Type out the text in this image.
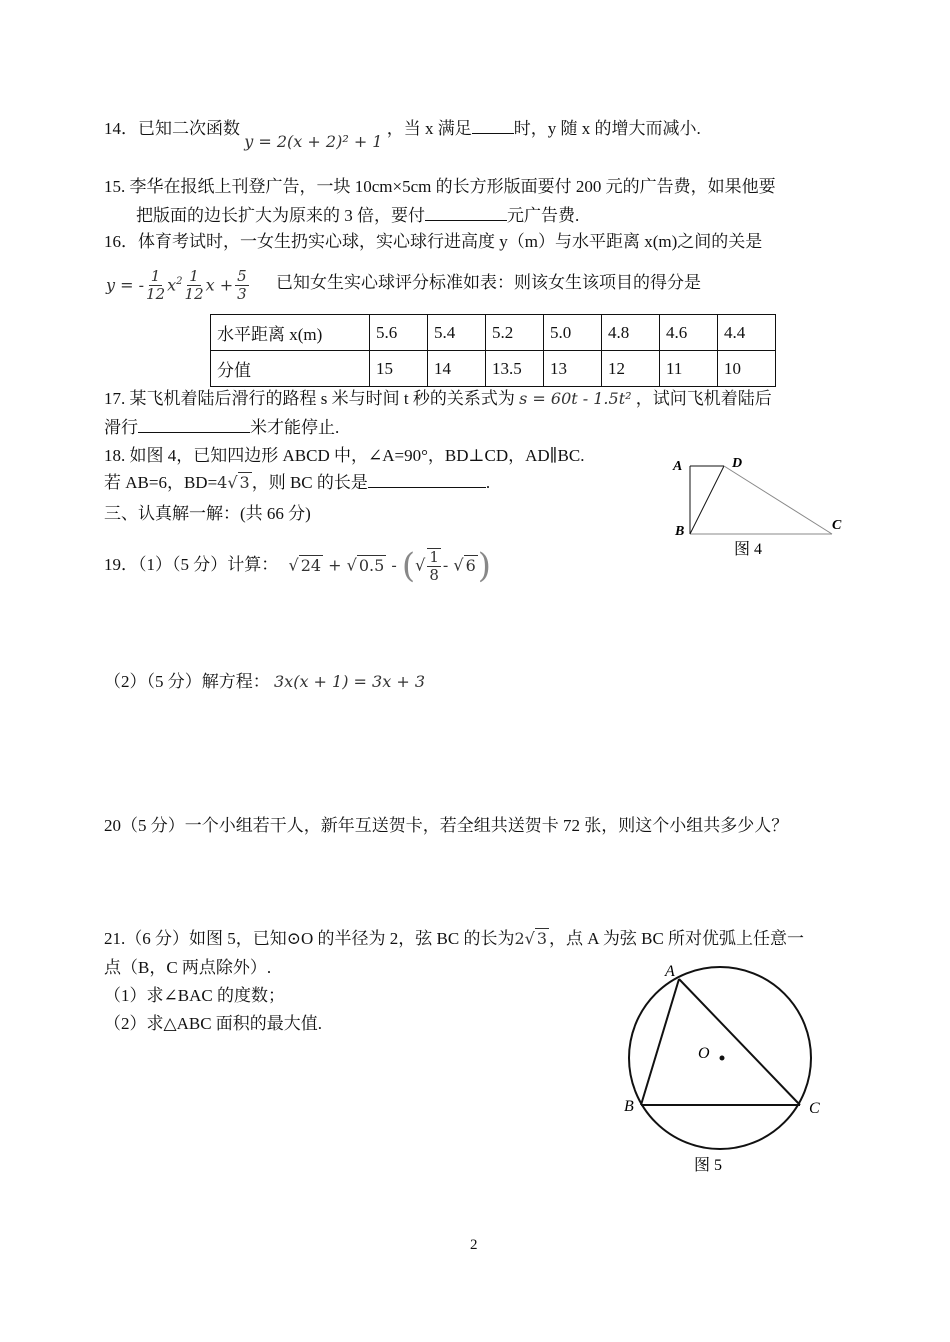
14．已知二次函数 y = 2(x + 2)² + 1 ，当 x 满足 时，y 随 x 的增大而减小.
15. 李华在报纸上刊登广告，一块 10cm×5cm 的长方形版面要付 200 元的广告费，如果他要
把版面的边长扩大为原来的 3 倍，要付	元广告费.
16．体育考试时，一女生扔实心球，实心球行进高度 y（m）与水平距离 x(m)之间的关是
y = - $\frac{1}{12} x^2 \frac{1}{12}$ $x + \frac{5}{3}$ 已知女生实心球评分标准如表：则该女生该项目的得分是
水平距离 x(m)	5.6	5.4	5.2	5.0	4.8	4.6	4.4
分值	15	14	13.5	13	12	11	10
17. 某飞机着陆后滑行的路程 s 米与时间 t 秒的关系式为 s = 60t - 1.5t² ，试问飞机着陆后
滑行	米才能停止.
18. 如图 4，已知四边形 ABCD 中，∠A=90°，BD⊥CD，AD∥BC.
若 AB=6，BD=4√ 3 ，则 BC 的长是	.
三、认真解一解：(共 66 分)
A	D
B	C
图 4
19．（1）（5 分）计算： √ 24 + √ 0.5 - (√ $\frac{1}{8}$ - √ 6)
（2）（5 分）解方程： 3x(x + 1) = 3x + 3
20（5 分）一个小组若干人，新年互送贺卡，若全组共送贺卡 72 张，则这个小组共多少人？
21.（6 分）如图 5，已知⊙O 的半径为 2，弦 BC 的长为2√ 3 ，点 A 为弦 BC 所对优弧上任意一
点（B，C 两点除外）.
（1）求∠BAC 的度数；
（2）求△ABC 面积的最大值.
A
B	C
O
图 5
2
